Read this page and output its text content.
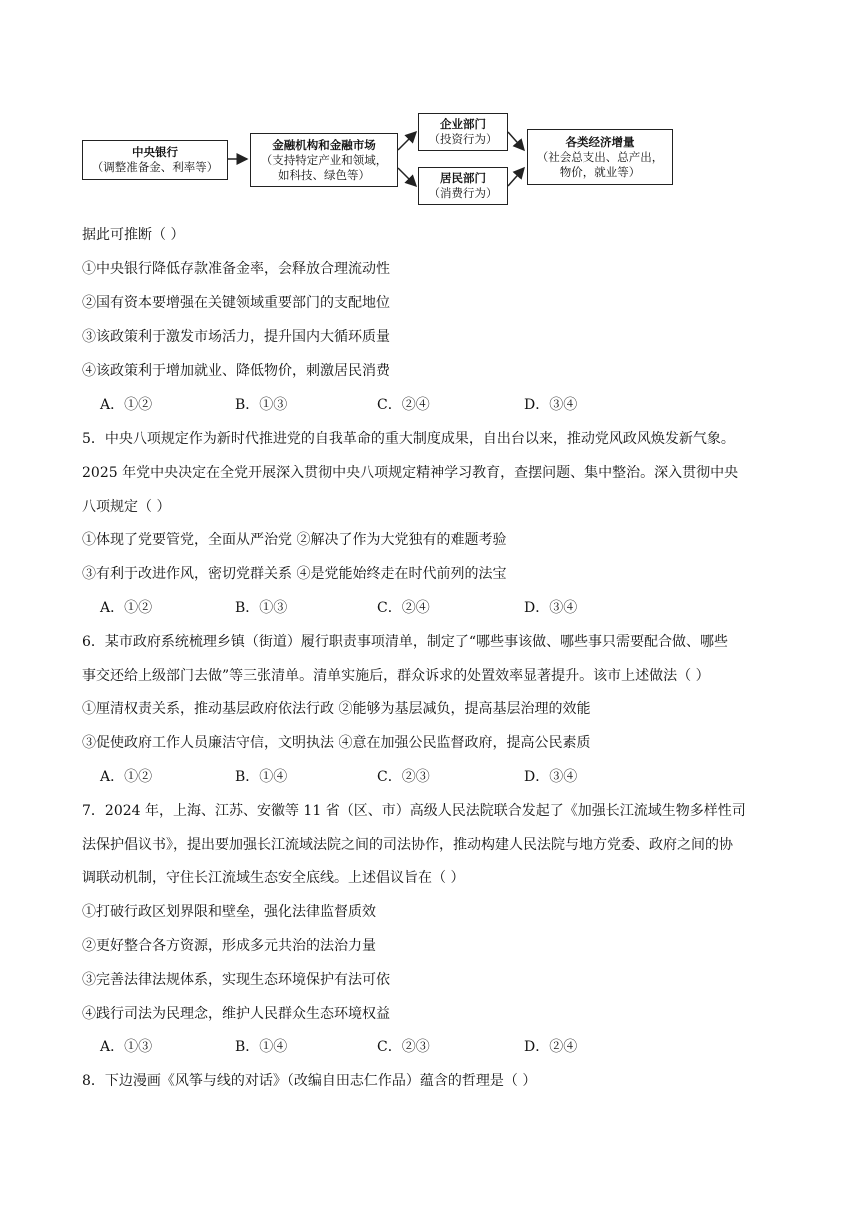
中央银行
（调整准备金、利率等）
金融机构和金融市场
（支持特定产业和领域，
如科技、绿色等）
企业部门
（投资行为）
居民部门
（消费行为）
各类经济增量
（社会总支出、总产出，
物价，就业等）
据此可推断（ ）
①中央银行降低存款准备金率，会释放合理流动性
②国有资本要增强在关键领域重要部门的支配地位
③该政策利于激发市场活力，提升国内大循环质量
④该政策利于增加就业、降低物价，刺激居民消费
A．①②	B．①③	C．②④	D．③④
5．中央八项规定作为新时代推进党的自我革命的重大制度成果，自出台以来，推动党风政风焕发新气象。
2025 年党中央决定在全党开展深入贯彻中央八项规定精神学习教育，查摆问题、集中整治。深入贯彻中央
八项规定（ ）
①体现了党要管党，全面从严治党 ②解决了作为大党独有的难题考验
③有利于改进作风，密切党群关系 ④是党能始终走在时代前列的法宝
A．①②	B．①③	C．②④	D．③④
6．某市政府系统梳理乡镇（街道）履行职责事项清单，制定了“哪些事该做、哪些事只需要配合做、哪些
事交还给上级部门去做”等三张清单。清单实施后，群众诉求的处置效率显著提升。该市上述做法（ ）
①厘清权责关系，推动基层政府依法行政 ②能够为基层减负，提高基层治理的效能
③促使政府工作人员廉洁守信，文明执法 ④意在加强公民监督政府，提高公民素质
A．①②	B．①④	C．②③	D．③④
7．2024 年，上海、江苏、安徽等 11 省（区、市）高级人民法院联合发起了《加强长江流域生物多样性司
法保护倡议书》，提出要加强长江流域法院之间的司法协作，推动构建人民法院与地方党委、政府之间的协
调联动机制，守住长江流域生态安全底线。上述倡议旨在（ ）
①打破行政区划界限和壁垒，强化法律监督质效
②更好整合各方资源，形成多元共治的法治力量
③完善法律法规体系，实现生态环境保护有法可依
④践行司法为民理念，维护人民群众生态环境权益
A．①③	B．①④	C．②③	D．②④
8．下边漫画《风筝与线的对话》（改编自田志仁作品）蕴含的哲理是（ ）
